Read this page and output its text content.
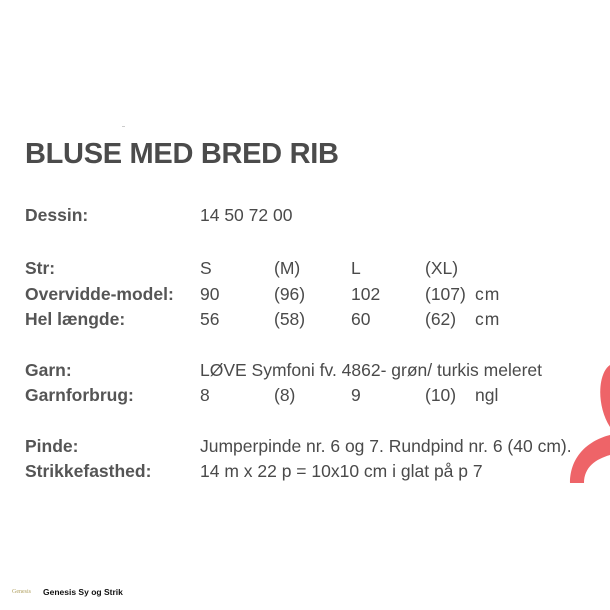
BLUSE MED BRED RIB
Dessin:	14 50 72 00
Str:	S	(M)	L	(XL)
Overvidde-model: 90	(96)	102	(107) cm
Hel længde:	56	(58)	60	(62) cm
Garn:	LØVE Symfoni fv. 4862- grøn/ turkis meleret
Garnforbrug:	8	(8)	9	(10) ngl
Pinde:	Jumperpinde nr. 6 og 7. Rundpind nr. 6 (40 cm).
Strikkefasthed:	14 m x 22 p = 10x10 cm i glat på p 7
Genesis Genesis Sy og Strik
